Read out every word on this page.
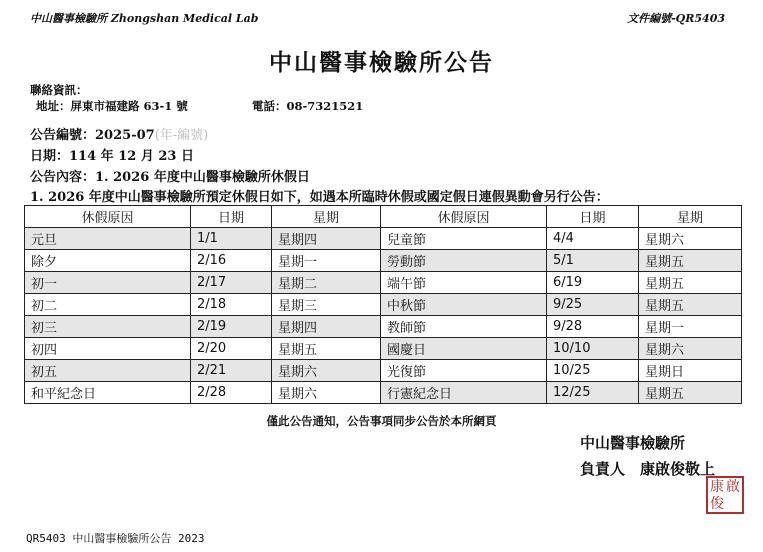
中山醫事檢驗所 Zhongshan Medical Lab	文件編號-QR5403
中山醫事檢驗所公告
聯絡資訊：
地址：屏東市福建路 63-1 號	電話：08-7321521
公告編號：2025-07(年-編號)
日期：114 年 12 月 23 日
公告內容：1. 2026 年度中山醫事檢驗所休假日
1. 2026 年度中山醫事檢驗所預定休假日如下，如遇本所臨時休假或國定假日連假異動會另行公告：
休假原因	日期	星期	休假原因	日期	星期
元旦	1/1	星期四	兒童節	4/4	星期六
除夕	2/16	星期一	勞動節	5/1	星期五
初一	2/17	星期二	端午節	6/19	星期五
初二	2/18	星期三	中秋節	9/25	星期五
初三	2/19	星期四	教師節	9/28	星期一
初四	2/20	星期五	國慶日	10/10	星期六
初五	2/21	星期六	光復節	10/25	星期日
和平紀念日	2/28	星期六	行憲紀念日	12/25	星期五
僅此公告通知，公告事項同步公告於本所網頁
中山醫事檢驗所
負責人　康啟俊敬上
康 啟
俊
QR5403 中山醫事檢驗所公告 2023
